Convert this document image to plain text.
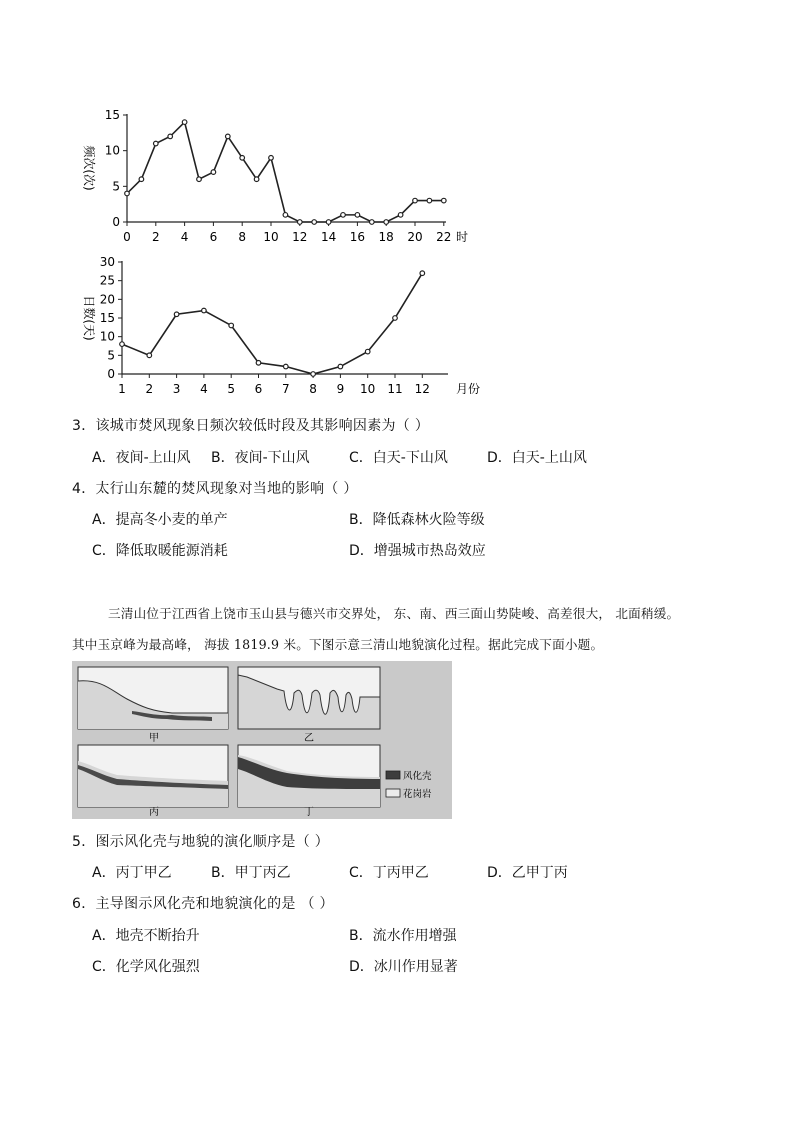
0
5
10
15
0 2 4 6 8 10 12 14 16 18 20 22 时
频次(次)
0
5
10
15
20
25
30
1 2 3 4 5 6 7 8 9 10 11 12 月份
日数(天)
3．该城市焚风现象日频次较低时段及其影响因素为（ ）
A．夜间-上山风 B．夜间-下山风	C．白天-下山风	D．白天-上山风
4．太行山东麓的焚风现象对当地的影响（ ）
A．提高冬小麦的单产	B．降低森林火险等级
C．降低取暖能源消耗	D．增强城市热岛效应
三清山位于江西省上饶市玉山县与德兴市交界处， 东、南、西三面山势陡峻、高差很大， 北面稍缓。
其中玉京峰为最高峰， 海拔 1819.9 米。下图示意三清山地貌演化过程。据此完成下面小题。
甲	乙
丙	丁
风化壳
花岗岩
5．图示风化壳与地貌的演化顺序是（ ）
A．丙丁甲乙	B．甲丁丙乙	C．丁丙甲乙	D．乙甲丁丙
6．主导图示风化壳和地貌演化的是 （ ）
A．地壳不断抬升	B．流水作用增强
C．化学风化强烈	D．冰川作用显著
